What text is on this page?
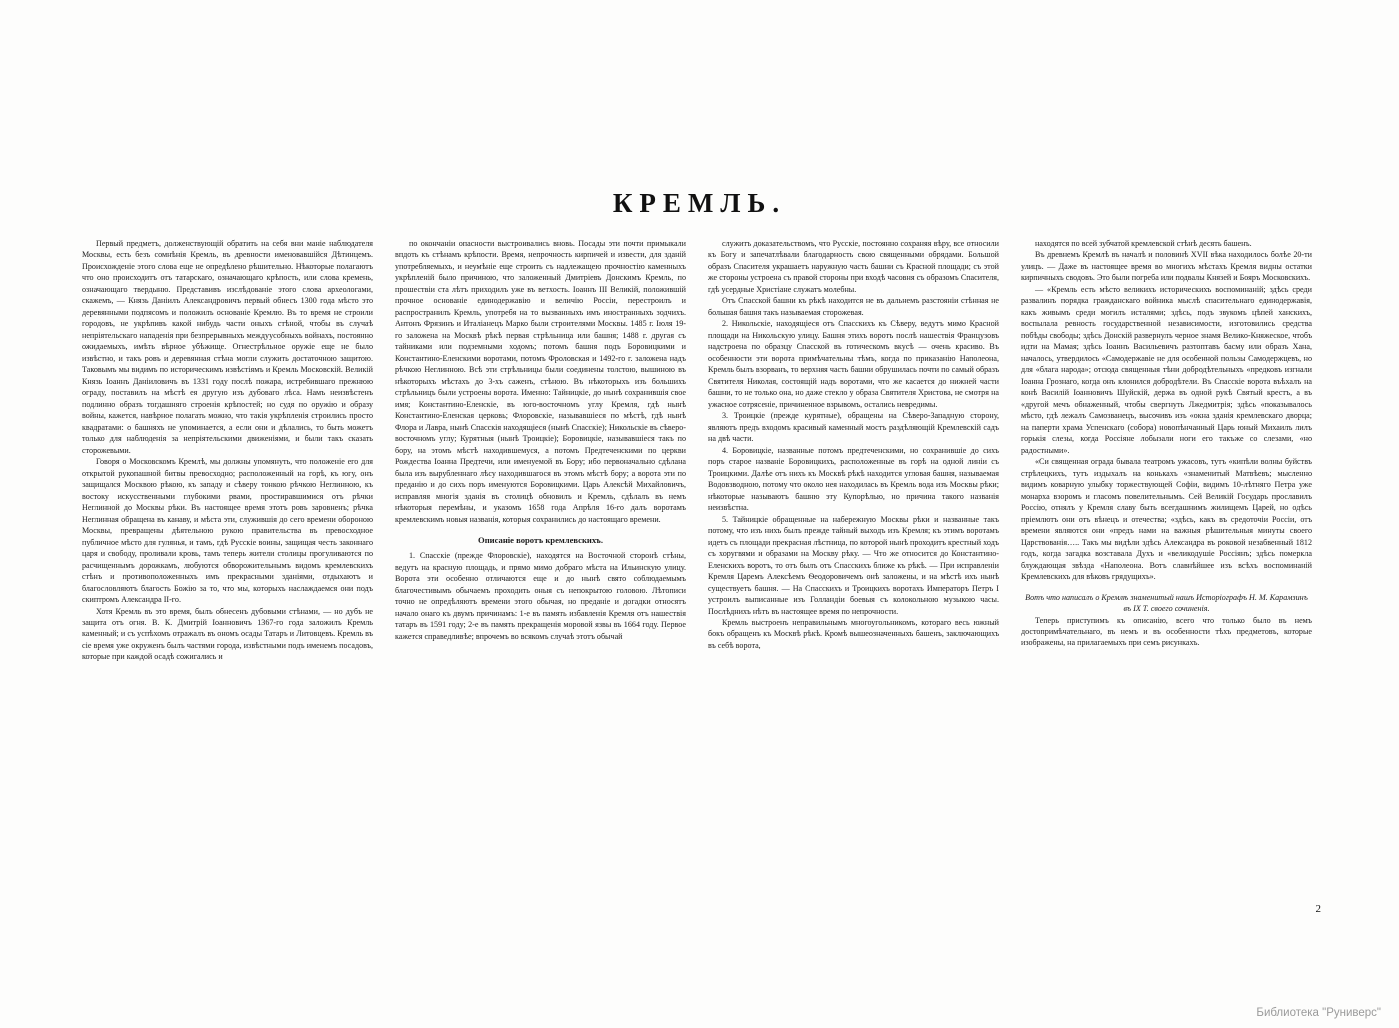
КРЕМЛЬ.

Первый предметъ, долженствующiй обратить на себя вни манiе наблюдателя Москвы, есть безъ сомнѣнiя Кремль, въ древности именовавшiйся Дѣтинцемъ. Происхожденiе этого слова еще не опредѣлено рѣшительно. Нѣкоторые полагаютъ что оно происходитъ отъ татарскаго, означающаго крѣпость, или слова кремень, означающаго твердыню. Представивъ изслѣдованiе этого слова археологами, скажемъ, — Князь Данiилъ Александровичъ первый обнесъ 1300 года мѣсто это деревянными подпясомъ и положилъ основанiе Кремлю. Въ то время не строили городовъ, не укрѣпивъ какой нибудь части оныхъ стѣной, чтобы въ случаѣ непрiятельскаго нападенiя при безпрерывныхъ междуусобныхъ войнахъ, постоянно ожидаемыхъ, имѣть вѣрное убѣжище. Огнестрѣльное оружiе еще не было извѣстно, и такъ ровъ и деревянная стѣна могли служить достаточною защитою. Таковымъ мы видимъ по историческимъ извѣстiямъ и Кремль Московскiй. Великiй Князь Iоаннъ Данiиловичъ въ 1331 году послѣ пожара, истребившаго прежнюю ограду, поставилъ на мѣстѣ ея другую изъ дубоваго лѣса. Намъ неизвѣстенъ подлинно образъ тогдашняго строенiя крѣпостей; но судя по оружiю и образу войны, кажется, навѣрное полагать можно, что такiя укрѣпленiя строились просто квадратами: о башняхъ не упоминается, а если они и дѣлались, то быть можетъ только для наблюденiя за непрiятельскими движенiями, и были такъ сказать сторожевыми.

Говоря о Московскомъ Кремлѣ, мы должны упомянуть, что положенiе его для открытой рукопашной битвы превосходно; расположенный на горѣ, къ югу, онъ защищался Москвою рѣкою, къ западу и сѣверу тонкою рѣчкою Неглинною, къ востоку искусственными глубокими рвами, простиравшимися отъ рѣчки Неглинной до Москвы рѣки. Въ настоящее время этотъ ровъ заровненъ; рѣчка Неглинная обращена въ канаву, и мѣста эти, служившiя до сего времени обороною Москвы, превращены дѣятельною рукою правительства въ превосходное публичное мѣсто для гулянья, и тамъ, гдѣ Русскiе воины, защищая честь законнаго царя и свободу, проливали кровь, тамъ теперь жители столицы прогуливаются по расчищеннымъ дорожкамъ, любуются обворожительнымъ видомъ кремлевскихъ стѣнъ и противоположенныхъ имъ прекрасными зданiями, отдыхаютъ и благословляютъ благость Божiю за то, что мы, которыхъ наслаждаемся они подъ скиптромъ Александра II-го.

Хотя Кремль въ это время, былъ обнесенъ дубовыми стѣнами, — но дубъ не защита отъ огня. В. К. Дмитрiй Iоанновичъ 1367-го года заложилъ Кремль каменный; и съ успѣхомъ отражалъ въ ономъ осады Татаръ и Литовцевъ. Кремль въ сiе время уже окруженъ былъ частями города, извѣстными подъ именемъ посадовъ, которые при каждой осадѣ сожигались и

по окончанiи опасности выстроивались вновь. Посады эти почти примыкали впдоть къ стѣнамъ крѣпости. Время, непрочность кирпичей и извести, для зданiй употребляемыхъ, и неумѣнiе еще строить съ надлежащею прочностiю каменныхъ укрѣпленiй было причиною, что заложенный Дмитрiевъ Донскимъ Кремль, по прошествiи ста лѣтъ приходилъ уже въ ветхость. Iоаннъ III Великiй, положившiй прочное основанiе единодержавiю и величiю Россiи, перестроилъ и распространилъ Кремль, употребя на то вызванныхъ имъ иностранныхъ зодчихъ. Антонъ Фрязинъ и Италiанецъ Марко были строителями Москвы. 1485 г. Iюля 19-го заложена на Москвѣ рѣкѣ первая стрѣльница или башня; 1488 г. другая съ тайниками или подземными ходомъ; потомъ башня подъ Боровицкими и Константино-Еленскими воротами, потомъ Фроловская и 1492-го г. заложена надъ рѣчкою Неглинною. Всѣ эти стрѣльницы были соединены толстою, вышиною въ нѣкоторыхъ мѣстахъ до 3-хъ саженъ, стѣною. Въ нѣкоторыхъ изъ большихъ стрѣльницъ были устроены ворота. Именно: Тайницкiе, до нынѣ сохранившiя свое имя; Константино-Еленскiе, въ юго-восточномъ углу Кремля, гдѣ нынѣ Константино-Еленская церковь; Флоровскiе, называвшiеся по мѣстѣ, гдѣ нынѣ Флора и Лавра, нынѣ Спасскiя находящiеся (нынѣ Спасскiе); Никольскiе въ сѣверо-восточномъ углу; Курятныя (нынѣ Троицкiе); Боровицкiе, называвшiеся такъ по бору, на этомъ мѣстѣ находившемуся, а потомъ Предтеченскими по церкви Рождества Iоанна Предтечи, или именуемой въ Бору; ибо первоначально сдѣлана была изъ вырубленнаго лѣсу находившагося въ этомъ мѣстѣ бору; а ворота эти по преданiю и до сихъ поръ именуются Боровицкими. Царь Алексѣй Михайловичъ, исправляя многiя зданiя въ столицѣ обновилъ и Кремль, сдѣлалъ въ немъ нѣкоторыя перемѣны, и указомъ 1658 года Апрѣля 16-го далъ воротамъ кремлевскимъ новыя названiя, которыя сохранились до настоящаго времени.

Описанiе воротъ кремлевскихъ.

1. Спасскiе (прежде Флоровскiе), находятся на Восточной сторонѣ стѣны, ведутъ на красную площадь, и прямо мимо добраго мѣста на Ильинскую улицу. Ворота эти особенно отличаются еще и до нынѣ свято соблюдаемымъ благочестивымъ обычаемъ проходить оныя съ непокрытою головою. Лѣтописи точно не опредѣляютъ времени этого обычая, но преданiе и догадки относятъ начало онаго къ двумъ причинамъ: 1-е въ память избавленiя Кремля отъ нашествiя татаръ въ 1591 году; 2-е въ память прекращенiя моровой язвы въ 1664 году. Первое кажется справедливѣе; впрочемъ во всякомъ случаѣ этотъ обычай

служитъ доказательствомъ, что Русскiе, постоянно сохраняя вѣру, все относили къ Богу и запечатлѣвали благодарность свою священными обрядами. Большой образъ Спасителя украшаетъ наружную часть башни съ Красной площади; съ этой же стороны устроена съ правой стороны при входѣ часовня съ образомъ Спасителя, гдѣ усердные Христiане служатъ молебны.

Отъ Спасской башни къ рѣкѣ находится не въ дальнемъ разстоянiи стѣнная не большая башня такъ называемая сторожевая.

2. Никольскiе, находящiеся отъ Спасскихъ къ Сѣверу, ведутъ мимо Красной площади на Никольскую улицу. Башня этихъ воротъ послѣ нашествiя Французовъ надстроена по образцу Спасской въ готическомъ вкусѣ — очень красиво. Въ особенности эти ворота примѣчательны тѣмъ, когда по приказанiю Наполеона, Кремль былъ взорванъ, то верхняя часть башни обрушилась почти по самый образъ Святителя Николая, состоящiй надъ воротами, что же касается до нижней части башни, то не только она, но даже стекло у образа Святителя Христова, не смотря на ужасное сотрясенiе, причиненное взрывомъ, остались невредимы.

3. Троицкiе (прежде курятные), обращены на Сѣверо-Западную сторону, являютъ предъ входомъ красивый каменный мостъ раздѣляющiй Кремлевскiй садъ на двѣ части.

4. Боровицкiе, названные потомъ предтеченскими, но сохранившiе до сихъ поръ старое названiе Боровицкихъ, расположенные въ горѣ на одной линiи съ Троицкими. Далѣе отъ нихъ къ Москвѣ рѣкѣ находится угловая башня, называемая Водовзводною, потому что около нея находилась въ Кремль вода изъ Москвы рѣки; нѣкоторые называютъ башню эту Купорѣлью, но причина такого названiя неизвѣстна.

5. Тайницкiе обращенные на набережную Москвы рѣки и названные такъ потому, что изъ нихъ былъ прежде тайный выходъ изъ Кремля; къ этимъ воротамъ идетъ съ площади прекрасная лѣстница, по которой нынѣ проходитъ крестный ходъ съ хоругвями и образами на Москву рѣку. — Что же относится до Константино-Еленскихъ воротъ, то отъ былъ отъ Спасскихъ ближе къ рѣкѣ. — При исправленiи Кремля Царемъ Алексѣемъ Ѳеодоровичемъ онѣ заложены, и на мѣстѣ ихъ нынѣ существуетъ башня. — На Спасскихъ и Троицкихъ воротахъ Императоръ Петръ I устроилъ выписанные изъ Голландiи боевыя съ колокольною музыкою часы. Послѣднихъ нѣтъ въ настоящее время по непрочности.

Кремль выстроенъ неправильнымъ многоугольникомъ, котораго весь южный бокъ обращенъ къ Москвѣ рѣкѣ. Кромѣ вышеозначенныхъ башенъ, заключающихъ въ себѣ ворота,

находятся по всей зубчатой кремлевской стѣнѣ десять башенъ.

Въ древнемъ Кремлѣ въ началѣ и половинѣ XVII вѣка находилось болѣе 20-ти улицъ. — Даже въ настоящее время во многихъ мѣстахъ Кремля видны остатки кирпичныхъ сводовъ. Это были погреба или подвалы Князей и Бояръ Московскихъ.

— «Кремль есть мѣсто великихъ историческихъ воспоминанiй; здѣсь среди развалинъ порядка гражданскаго войника мыслѣ спасительнаго единодержавiя, какъ живымъ среди могилъ исталями; здѣсь, подъ звукомъ цѣпей ханскихъ, воспылала ревность государственной независимости, изготовились средства побѣды свободы; здѣсь Донскiй развернулъ черное знамя Велико-Княжеское, чтобъ идти на Мамая; здѣсь Iоаннъ Васильевичъ разтоптавъ басму или образъ Хана, началось, утвердилось «Самодержавiе не для особенной пользы Самодержцевъ, но для «блага народа»; отсюда священныя тѣни добродѣтельныхъ «предковъ изгнали Iоанна Грознаго, когда онъ клонился добродѣтели. Въ Спасскiе ворота въѣхалъ на конѣ Василiй Iоанновичъ Шуйскiй, держа въ одной рукѣ Святый крестъ, а въ «другой мечъ обнаженный, чтобы свергнуть Лжедмитрiя; здѣсь «показывалось мѣсто, гдѣ лежалъ Самозванецъ, высочивъ изъ «окна зданiя кремлевскаго дворца; на паперти храма Успенскаго (собора) новопѣнчанный Царь юный Михаилъ лилъ горькiя слезы, когда Россiяне лобызали ноги его такъже со слезами, «но радостными».

«Си священная ограда бывала театромъ ужасовъ, тутъ «кипѣли волны буйствъ стрѣлецкихъ, тутъ издыхалъ на конькахъ «знаменитый Матвѣевъ; мысленно видимъ коварную улыбку торжествующей Софiи, видимъ 10-лѣтняго Петра уже монарха взоромъ и гласомъ повелительнымъ. Сей Великiй Государь прославилъ Россiю, отнялъ у Кремля славу быть всегдашнимъ жилищемъ Царей, но одѣсь прiемлютъ они отъ вѣнецъ и отечества; «здѣсь, какъ въ средоточiи Россiи, отъ времени являются они «предъ нами на важныя рѣшительныя минуты своего Царствованiя….. Такъ мы видѣли здѣсь Александра въ роковой незабвенный 1812 годъ, когда загадка возставала Духъ и «великодушiе Россiянъ; здѣсь померкла блуждающая звѣзда «Наполеона. Вотъ славнѣйшее изъ всѣхъ воспоминанiй Кремлевскихъ для вѣковъ грядущихъ».

Вотъ что написалъ о Кремлѣ знаменитый нашъ Исторiографъ Н. М. Карамзинъ въ IX Т. своего сочиненiя.

Теперь приступимъ къ описанiю, всего что только было въ немъ достопримѣчательнаго, въ немъ и въ особенности тѣхъ предметовъ, которые изображены, на прилагаемыхъ при семъ рисункахъ.

2
Библиотека "Руниверс"
